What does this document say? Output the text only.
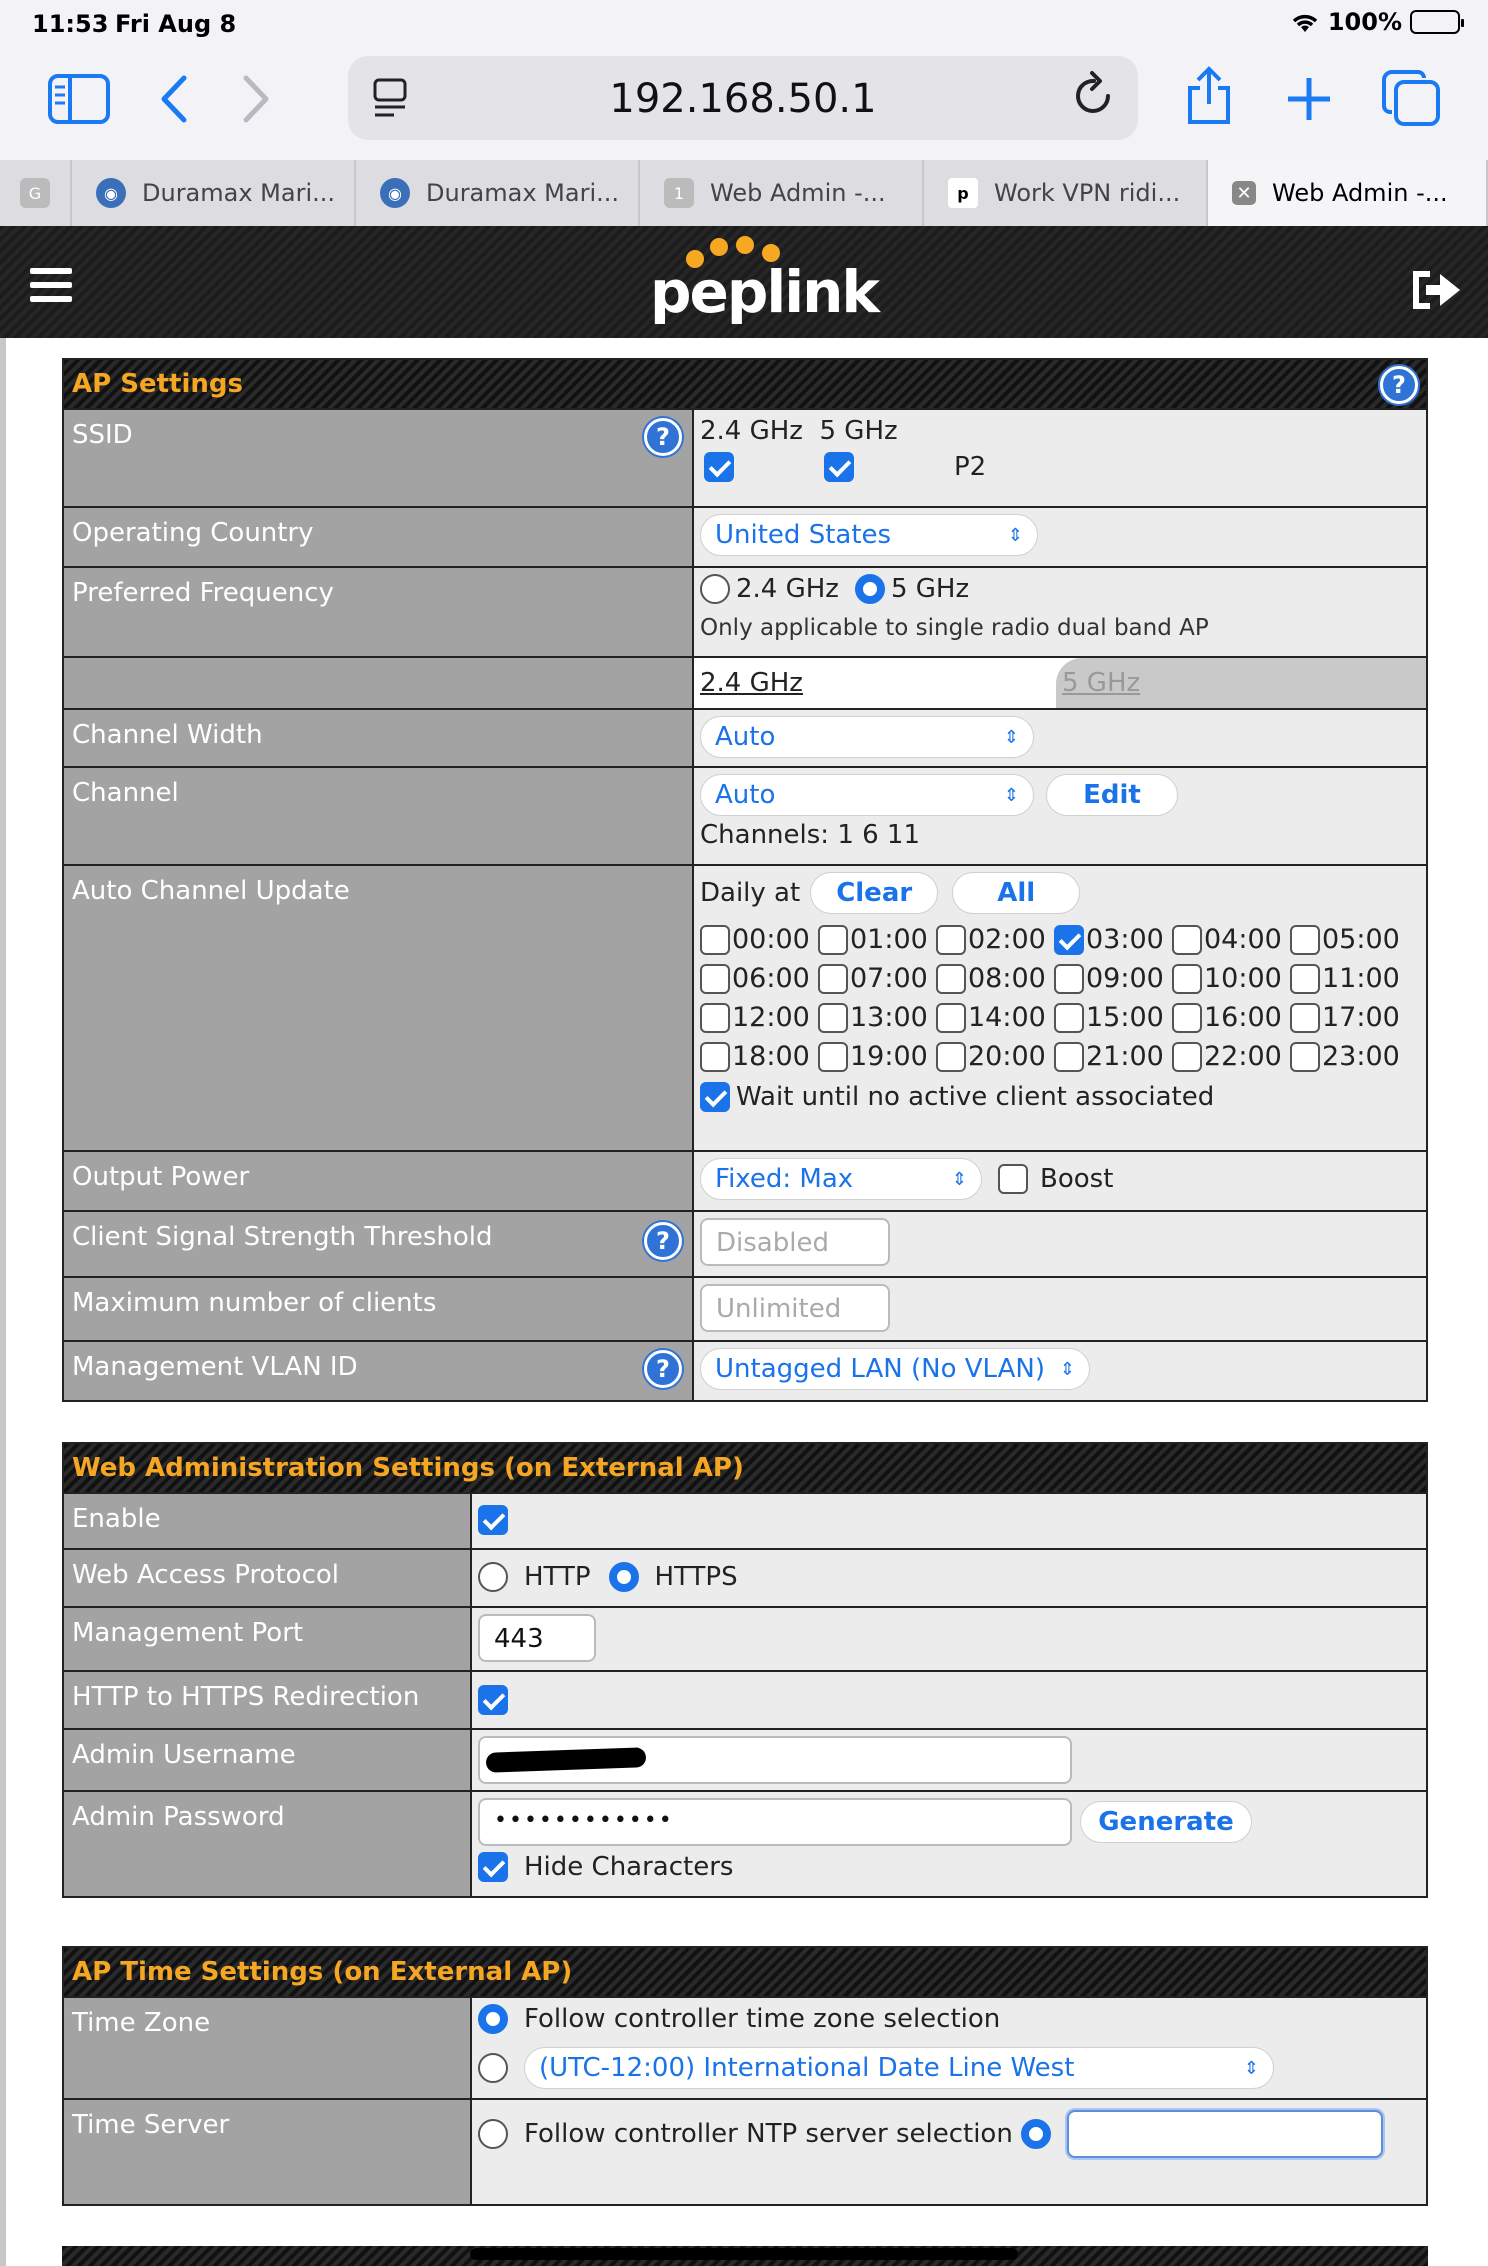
11:53 Fri Aug 8	100%
192.168.50.1
G	◉	Duramax Mari...	◉	Duramax Mari...	1	Web Admin -...	p	Work VPN ridi...	✕ Web Admin -...
peplink
AP Settings	?
SSID	?	2.4 GHz 5 GHz
P2
Operating Country	United States	⇕
Preferred Frequency	2.4 GHz 5 GHz
Only applicable to single radio dual band AP
2.4 GHz	5 GHz
Channel Width	Auto	⇕
Channel	Auto	⇕	Edit
Channels: 1 6 11
Auto Channel Update	Daily at	Clear	All
00:00 01:00 02:00 03:00 04:00 05:00
06:00 07:00 08:00 09:00 10:00 11:00
12:00 13:00 14:00 15:00 16:00 17:00
18:00 19:00 20:00 21:00 22:00 23:00
Wait until no active client associated
Output Power	Fixed: Max	⇕	Boost
Client Signal Strength Threshold	?	Disabled
Maximum number of clients	Unlimited
Management VLAN ID	?	Untagged LAN (No VLAN) ⇕
Web Administration Settings (on External AP)
Enable
Web Access Protocol	HTTP HTTPS
Management Port	443
HTTP to HTTPS Redirection
Admin Username
Admin Password	••••••••••••	Generate

Hide Characters
AP Time Settings (on External AP)
Time Zone	Follow controller time zone selection

(UTC-12:00) International Date Line West	⇕
Time Server	Follow controller NTP server selection
